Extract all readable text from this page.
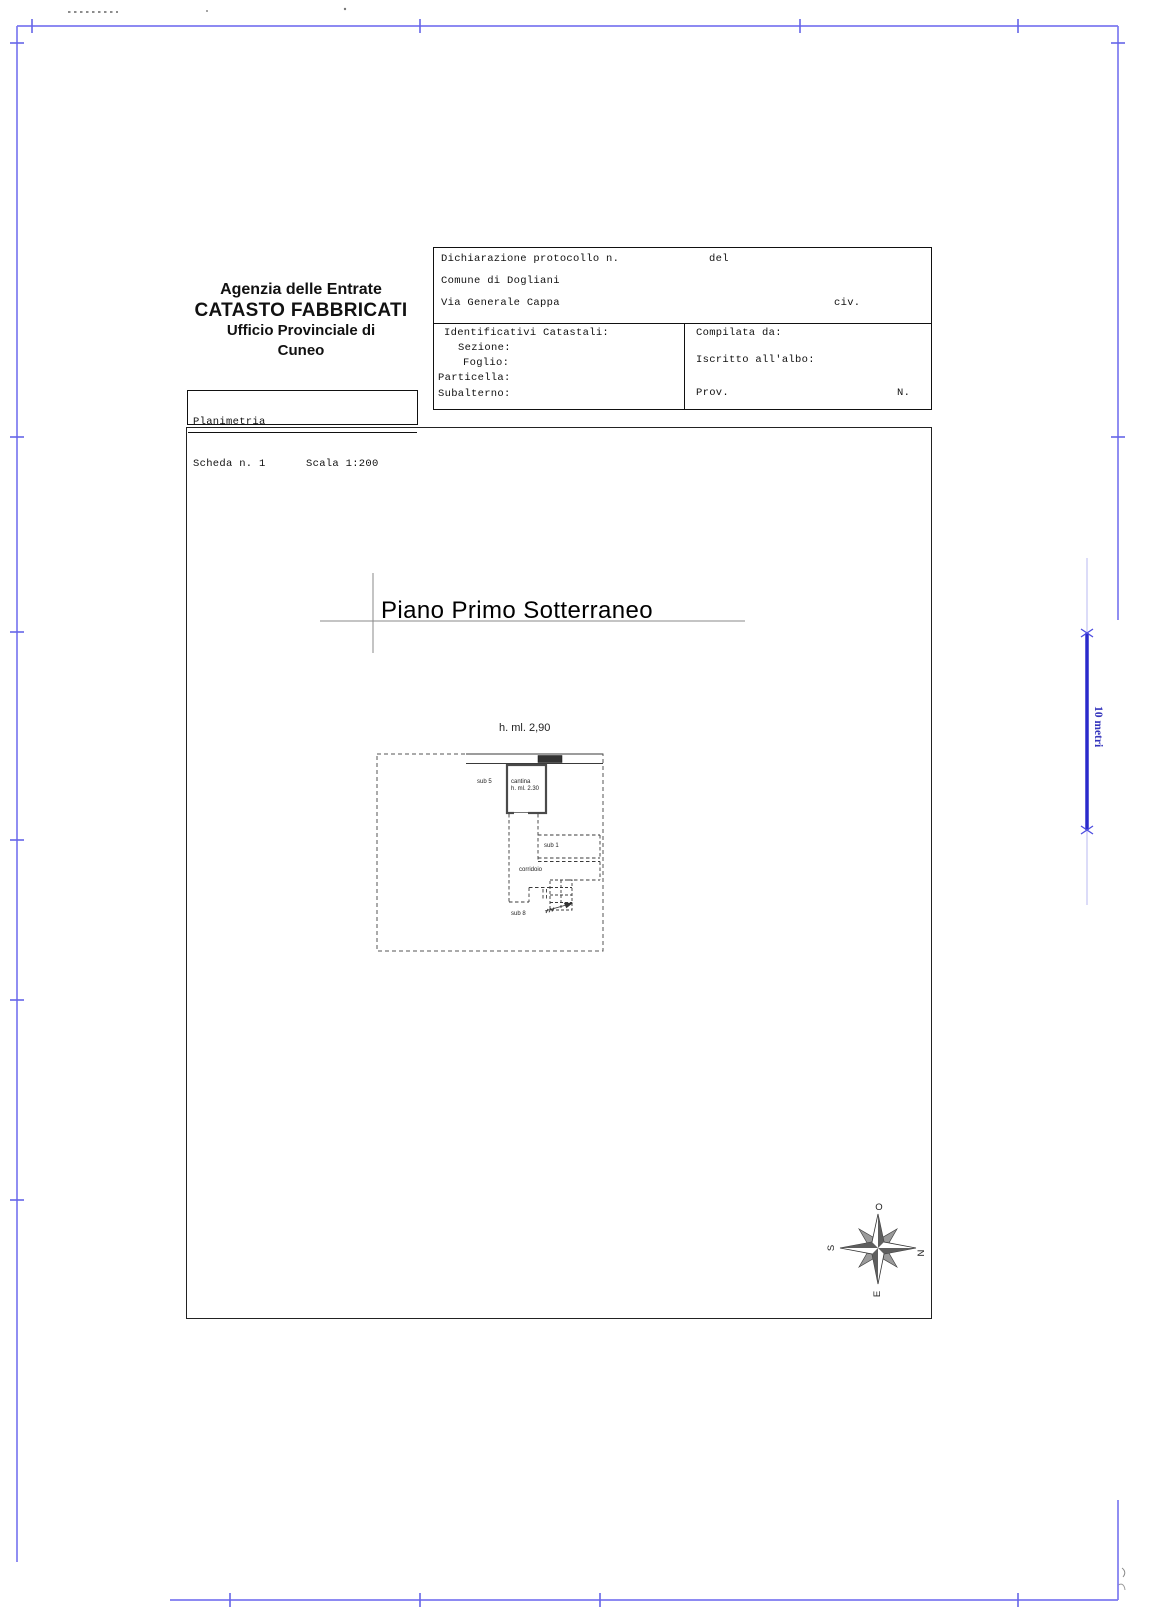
Agenzia delle Entrate
CATASTO FABBRICATI
Ufficio Provinciale di
Cuneo

Planimetria

Scheda n. 1

	Scala 1:200

Dichiarazione protocollo n.

	del

Comune di Dogliani

Via Generale Cappa

	civ.

Identificativi Catastali:

Sezione:

Foglio:

Particella:

Subalterno:

Compilata da:

Iscritto all'albo:

Prov.

	N.

Piano Primo Sotterraneo
h. ml. 2,90	10 metri
sub 5	cantina
h. ml. 2.30
sub 1
corridoio
sub 8
O
S
N
E
